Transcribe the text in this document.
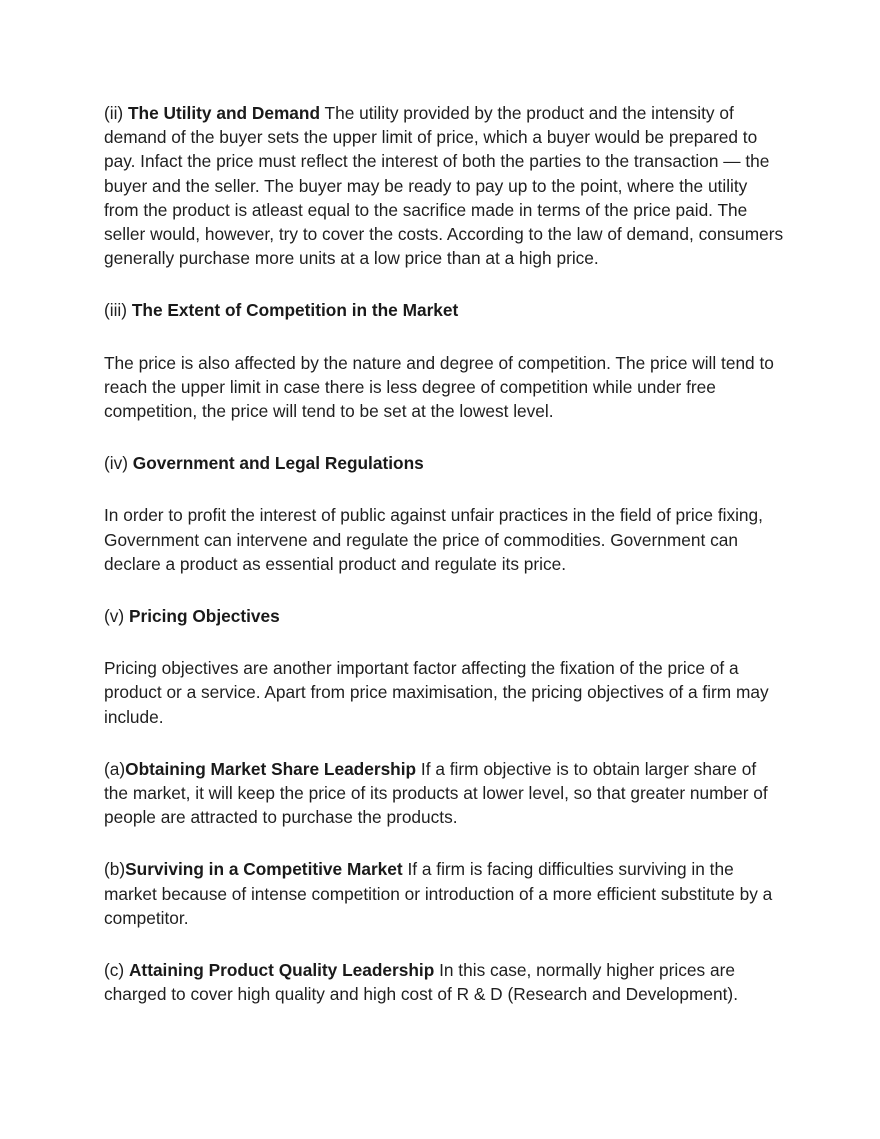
(ii) The Utility and Demand The utility provided by the product and the intensity of demand of the buyer sets the upper limit of price, which a buyer would be prepared to pay. Infact the price must reflect the interest of both the parties to the transaction — the buyer and the seller. The buyer may be ready to pay up to the point, where the utility from the product is atleast equal to the sacrifice made in terms of the price paid. The seller would, however, try to cover the costs. According to the law of demand, consumers generally purchase more units at a low price than at a high price.

(iii) The Extent of Competition in the Market

The price is also affected by the nature and degree of competition. The price will tend to reach the upper limit in case there is less degree of competition while under free competition, the price will tend to be set at the lowest level.

(iv) Government and Legal Regulations

In order to profit the interest of public against unfair practices in the field of price fixing, Government can intervene and regulate the price of commodities. Government can declare a product as essential product and regulate its price.

(v) Pricing Objectives

Pricing objectives are another important factor affecting the fixation of the price of a product or a service. Apart from price maximisation, the pricing objectives of a firm may include.

(a)Obtaining Market Share Leadership If a firm objective is to obtain larger share of the market, it will keep the price of its products at lower level, so that greater number of people are attracted to purchase the products.

(b)Surviving in a Competitive Market If a firm is facing difficulties surviving in the market because of intense competition or introduction of a more efficient substitute by a competitor.

(c) Attaining Product Quality Leadership In this case, normally higher prices are charged to cover high quality and high cost of R & D (Research and Development).
